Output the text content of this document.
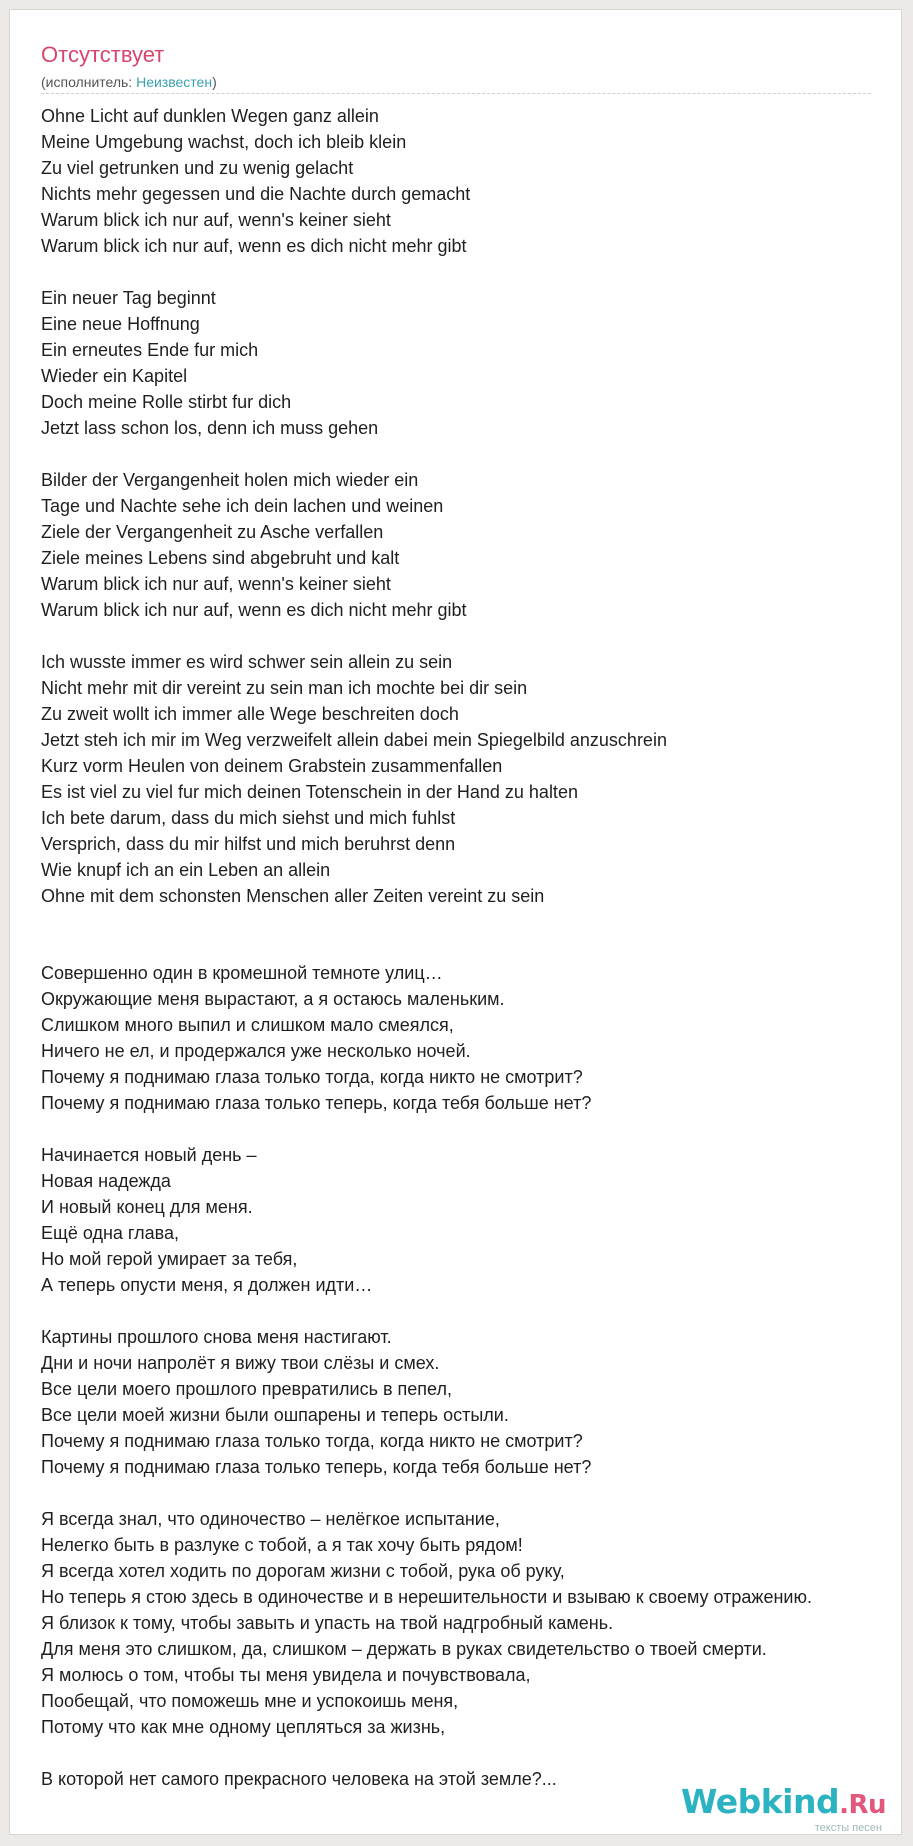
Отсутствует
(исполнитель: Неизвестен)
Ohne Licht auf dunklen Wegen ganz allein
Meine Umgebung wachst, doch ich bleib klein
Zu viel getrunken und zu wenig gelacht
Nichts mehr gegessen und die Nachte durch gemacht
Warum blick ich nur auf, wenn's keiner sieht
Warum blick ich nur auf, wenn es dich nicht mehr gibt

Ein neuer Tag beginnt
Eine neue Hoffnung
Ein erneutes Ende fur mich
Wieder ein Kapitel
Doch meine Rolle stirbt fur dich
Jetzt lass schon los, denn ich muss gehen

Bilder der Vergangenheit holen mich wieder ein
Tage und Nachte sehe ich dein lachen und weinen
Ziele der Vergangenheit zu Asche verfallen
Ziele meines Lebens sind abgebruht und kalt
Warum blick ich nur auf, wenn's keiner sieht
Warum blick ich nur auf, wenn es dich nicht mehr gibt

Ich wusste immer es wird schwer sein allein zu sein
Nicht mehr mit dir vereint zu sein man ich mochte bei dir sein
Zu zweit wollt ich immer alle Wege beschreiten doch
Jetzt steh ich mir im Weg verzweifelt allein dabei mein Spiegelbild anzuschrein
Kurz vorm Heulen von deinem Grabstein zusammenfallen
Es ist viel zu viel fur mich deinen Totenschein in der Hand zu halten
Ich bete darum, dass du mich siehst und mich fuhlst
Versprich, dass du mir hilfst und mich beruhrst denn
Wie knupf ich an ein Leben an allein
Ohne mit dem schonsten Menschen aller Zeiten vereint zu sein
Совершенно один в кромешной темноте улиц…
Окружающие меня вырастают, а я остаюсь маленьким.
Слишком много выпил и слишком мало смеялся,
Ничего не ел, и продержался уже несколько ночей.
Почему я поднимаю глаза только тогда, когда никто не смотрит?
Почему я поднимаю глаза только теперь, когда тебя больше нет?

Начинается новый день –
Новая надежда
И новый конец для меня.
Ещё одна глава,
Но мой герой умирает за тебя,
А теперь опусти меня, я должен идти…

Картины прошлого снова меня настигают.
Дни и ночи напролёт я вижу твои слёзы и смех.
Все цели моего прошлого превратились в пепел,
Все цели моей жизни были ошпарены и теперь остыли.
Почему я поднимаю глаза только тогда, когда никто не смотрит?
Почему я поднимаю глаза только теперь, когда тебя больше нет?

Я всегда знал, что одиночество – нелёгкое испытание,
Нелегко быть в разлуке с тобой, а я так хочу быть рядом!
Я всегда хотел ходить по дорогам жизни с тобой, рука об руку,
Но теперь я стою здесь в одиночестве и в нерешительности и взываю к своему отражению.
Я близок к тому, чтобы завыть и упасть на твой надгробный камень.
Для меня это слишком, да, слишком – держать в руках свидетельство о твоей смерти.
Я молюсь о том, чтобы ты меня увидела и почувствовала,
Пообещай, что поможешь мне и успокоишь меня,
Потому что как мне одному цепляться за жизнь,

В которой нет самого прекрасного человека на этой земле?...
Webkind.Ru
тексты песен
